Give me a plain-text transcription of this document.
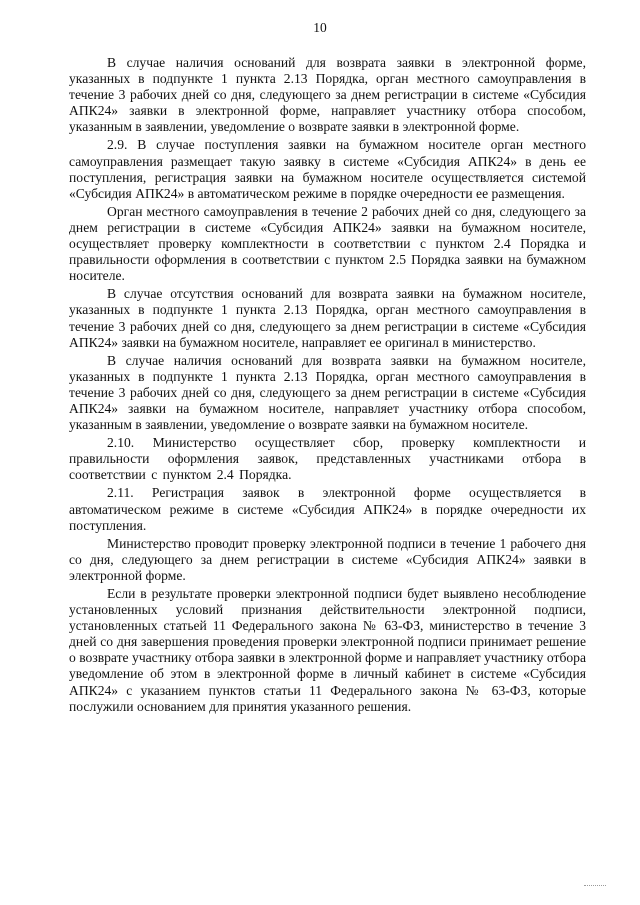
10

В случае наличия оснований для возврата заявки в электронной форме, указанных в подпункте 1 пункта 2.13 Порядка, орган местного самоуправления в течение 3 рабочих дней со дня, следующего за днем регистрации в системе «Субсидия АПК24» заявки в электронной форме, направляет участнику отбора способом, указанным в заявлении, уведомление о возврате заявки в электронной форме.

2.9. В случае поступления заявки на бумажном носителе орган местного самоуправления размещает такую заявку в системе «Субсидия АПК24» в день ее поступления, регистрация заявки на бумажном носителе осуществляется системой «Субсидия АПК24» в автоматическом режиме в порядке очередности ее размещения.

Орган местного самоуправления в течение 2 рабочих дней со дня, следующего за днем регистрации в системе «Субсидия АПК24» заявки на бумажном носителе, осуществляет проверку комплектности в соответствии с пунктом 2.4 Порядка и правильности оформления в соответствии с пунктом 2.5 Порядка заявки на бумажном носителе.

В случае отсутствия оснований для возврата заявки на бумажном носителе, указанных в подпункте 1 пункта 2.13 Порядка, орган местного самоуправления в течение 3 рабочих дней со дня, следующего за днем регистрации в системе «Субсидия АПК24» заявки на бумажном носителе, направляет ее оригинал в министерство.

В случае наличия оснований для возврата заявки на бумажном носителе, указанных в подпункте 1 пункта 2.13 Порядка, орган местного самоуправления в течение 3 рабочих дней со дня, следующего за днем регистрации в системе «Субсидия АПК24» заявки на бумажном носителе, направляет участнику отбора способом, указанным в заявлении, уведомление о возврате заявки на бумажном носителе.

2.10. Министерство осуществляет сбор, проверку комплектности и правильности оформления заявок, представленных участниками отбора в соответствии с пунктом 2.4 Порядка.

2.11. Регистрация заявок в электронной форме осуществляется в автоматическом режиме в системе «Субсидия АПК24» в порядке очередности их поступления.

Министерство проводит проверку электронной подписи в течение 1 рабочего дня со дня, следующего за днем регистрации в системе «Субсидия АПК24» заявки в электронной форме.

Если в результате проверки электронной подписи будет выявлено несоблюдение установленных условий признания действительности электронной подписи, установленных статьей 11 Федерального закона № 63-ФЗ, министерство в течение 3 дней со дня завершения проведения проверки электронной подписи принимает решение о возврате участнику отбора заявки в электронной форме и направляет участнику отбора уведомление об этом в электронной форме в личный кабинет в системе «Субсидия АПК24» с указанием пунктов статьи 11 Федерального закона № 63-ФЗ, которые послужили основанием для принятия указанного решения.
